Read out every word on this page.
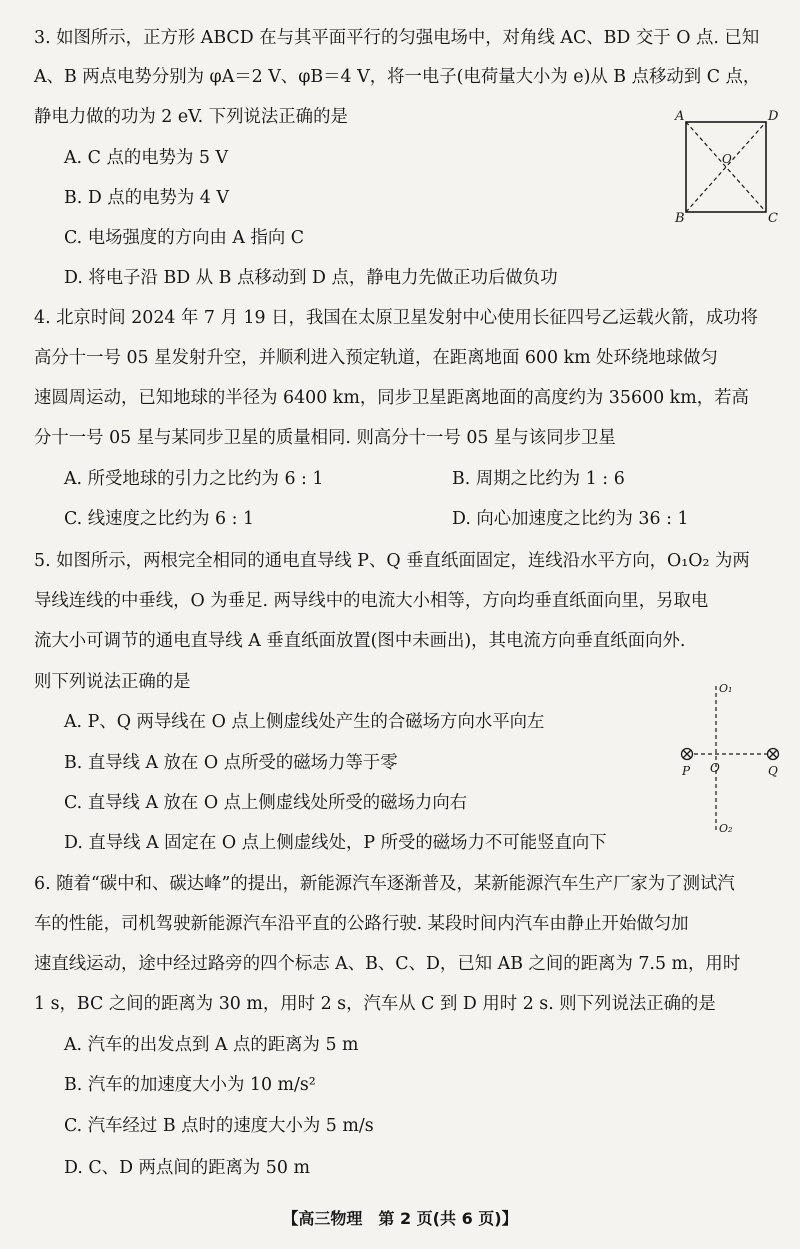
3. 如图所示，正方形 ABCD 在与其平面平行的匀强电场中，对角线 AC、BD 交于 O 点. 已知
A、B 两点电势分别为 φA＝2 V、φB＝4 V，将一电子(电荷量大小为 e)从 B 点移动到 C 点，
静电力做的功为 2 eV. 下列说法正确的是
A. C 点的电势为 5 V
B. D 点的电势为 4 V
C. 电场强度的方向由 A 指向 C
D. 将电子沿 BD 从 B 点移动到 D 点，静电力先做正功后做负功
A	D
B	C
O
4. 北京时间 2024 年 7 月 19 日，我国在太原卫星发射中心使用长征四号乙运载火箭，成功将
高分十一号 05 星发射升空，并顺利进入预定轨道，在距离地面 600 km 处环绕地球做匀
速圆周运动，已知地球的半径为 6400 km，同步卫星距离地面的高度约为 35600 km，若高
分十一号 05 星与某同步卫星的质量相同. 则高分十一号 05 星与该同步卫星
A. 所受地球的引力之比约为 6 : 1	B. 周期之比约为 1 : 6
C. 线速度之比约为 6 : 1	D. 向心加速度之比约为 36 : 1
5. 如图所示，两根完全相同的通电直导线 P、Q 垂直纸面固定，连线沿水平方向，O₁O₂ 为两
导线连线的中垂线，O 为垂足. 两导线中的电流大小相等，方向均垂直纸面向里，另取电
流大小可调节的通电直导线 A 垂直纸面放置(图中未画出)，其电流方向垂直纸面向外.
则下列说法正确的是
A. P、Q 两导线在 O 点上侧虚线处产生的合磁场方向水平向左
B. 直导线 A 放在 O 点所受的磁场力等于零
C. 直导线 A 放在 O 点上侧虚线处所受的磁场力向右
D. 直导线 A 固定在 O 点上侧虚线处，P 所受的磁场力不可能竖直向下
O₁
O₂
O
P	Q
6. 随着“碳中和、碳达峰”的提出，新能源汽车逐渐普及，某新能源汽车生产厂家为了测试汽
车的性能，司机驾驶新能源汽车沿平直的公路行驶. 某段时间内汽车由静止开始做匀加
速直线运动，途中经过路旁的四个标志 A、B、C、D，已知 AB 之间的距离为 7.5 m，用时
1 s，BC 之间的距离为 30 m，用时 2 s，汽车从 C 到 D 用时 2 s. 则下列说法正确的是
A. 汽车的出发点到 A 点的距离为 5 m
B. 汽车的加速度大小为 10 m/s²
C. 汽车经过 B 点时的速度大小为 5 m/s
D. C、D 两点间的距离为 50 m
【高三物理　第 2 页(共 6 页)】
